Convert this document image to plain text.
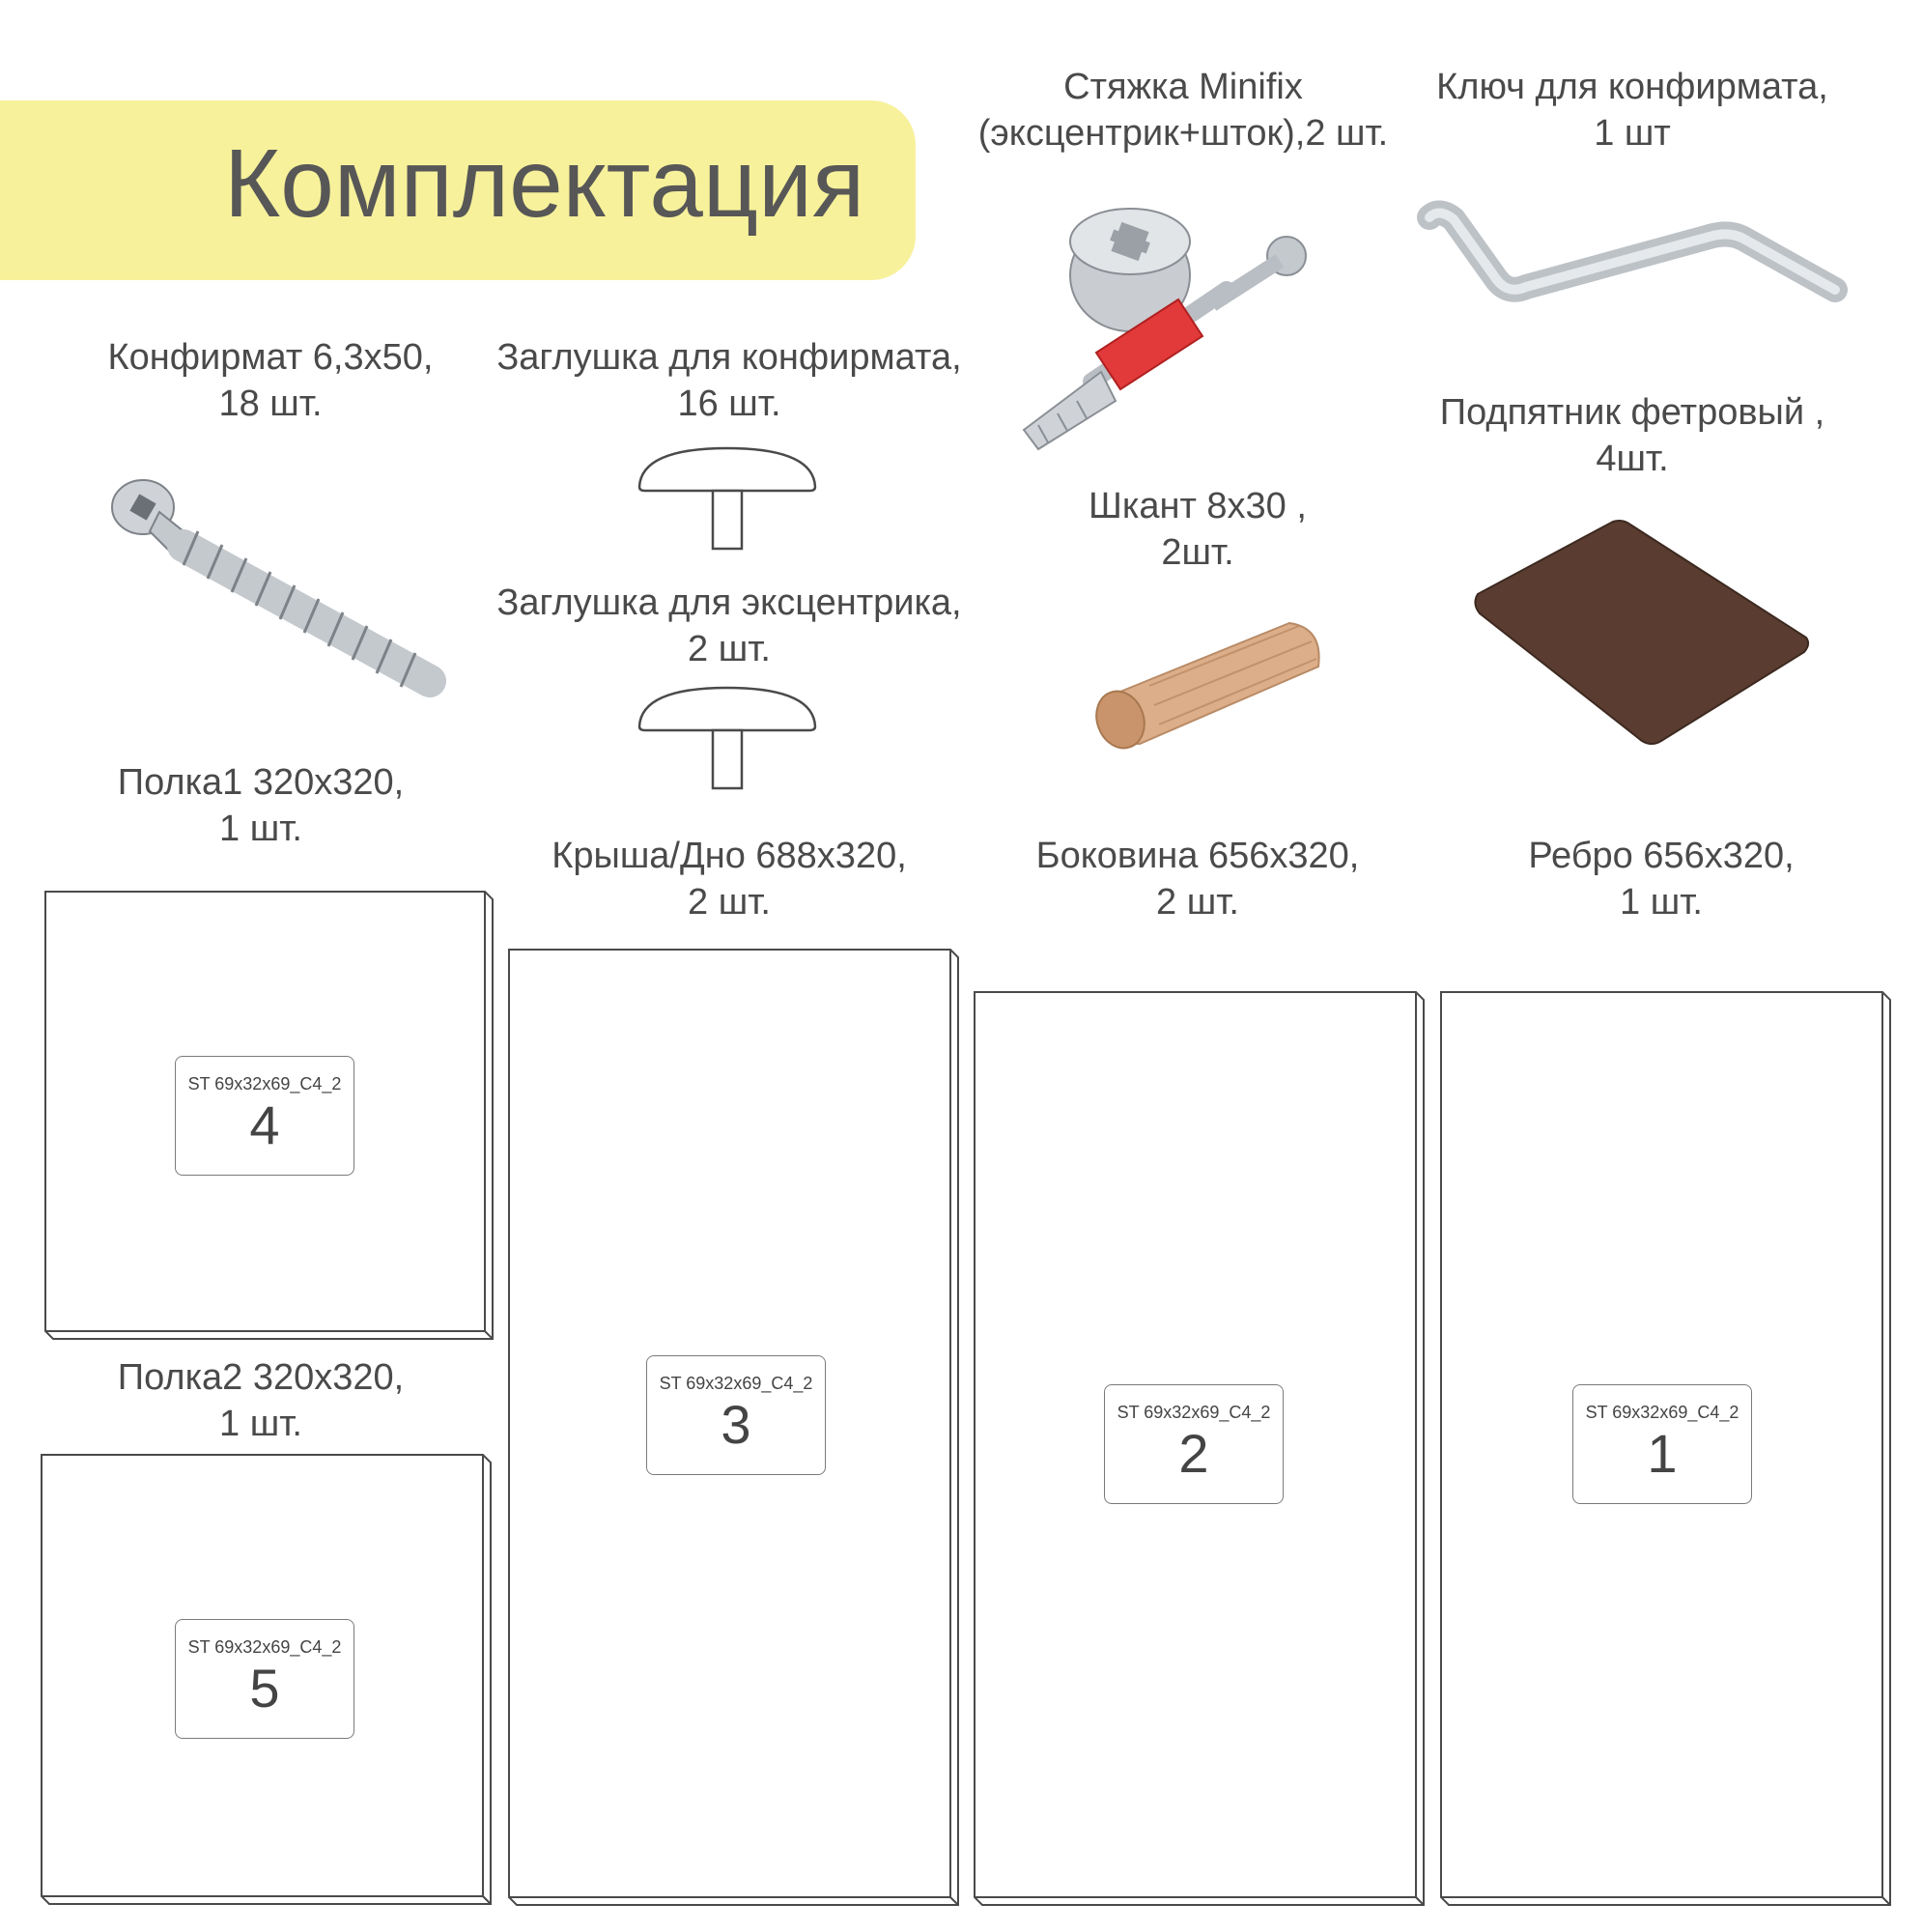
Комплектация
Стяжка Minifix
(эксцентрик+шток),2 шт.
Ключ для конфирмата,
1 шт
Конфирмат 6,3х50,
18 шт.
Заглушка для конфирмата,
16 шт.
Заглушка для эксцентрика,
2 шт.
Шкант 8х30 ,
2шт.
Подпятник фетровый ,
4шт.
Полка1 320х320,
1 шт.
Полка2 320х320,
1 шт.
Крыша/Дно 688х320,
2 шт.
Боковина 656х320,
2 шт.
Ребро 656х320,
1 шт.
ST 69x32x69_C4_2
4
ST 69x32x69_C4_2
5
ST 69x32x69_C4_2
3	ST 69x32x69_C4_2
2
ST 69x32x69_C4_2
1
